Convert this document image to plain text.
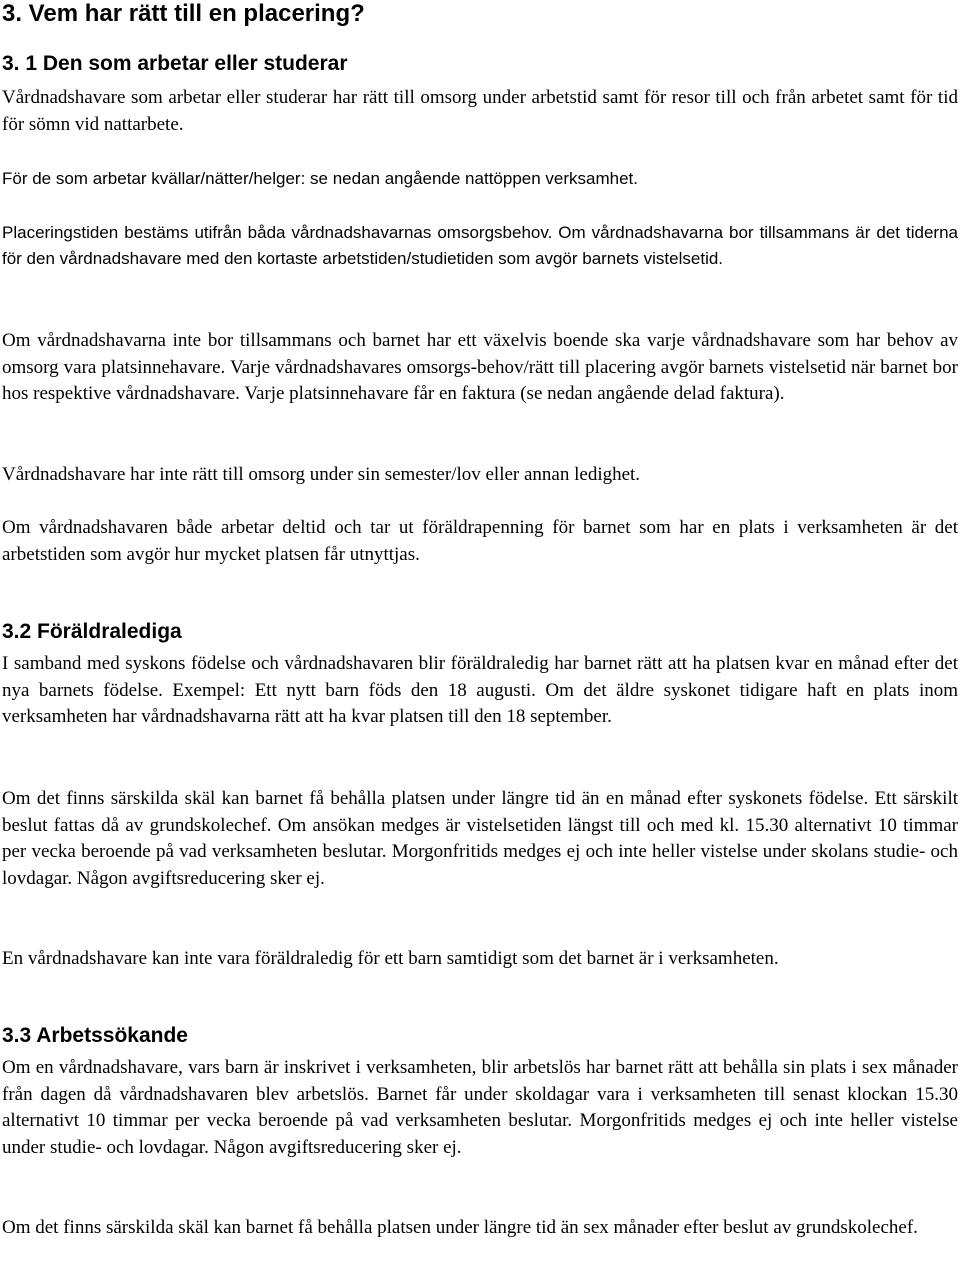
3. Vem har rätt till en placering?
3. 1 Den som arbetar eller studerar

Vårdnadshavare som arbetar eller studerar har rätt till omsorg under arbetstid samt för resor till och från arbetet samt för tid för sömn vid nattarbete.

För de som arbetar kvällar/nätter/helger: se nedan angående nattöppen verksamhet.

Placeringstiden bestäms utifrån båda vårdnadshavarnas omsorgsbehov. Om vårdnadshavarna bor tillsammans är det tiderna för den vårdnadshavare med den kortaste arbetstiden/studietiden som avgör barnets vistelsetid.

Om vårdnadshavarna inte bor tillsammans och barnet har ett växelvis boende ska varje vårdnadshavare som har behov av omsorg vara platsinnehavare. Varje vårdnadshavares omsorgs-behov/rätt till placering avgör barnets vistelsetid när barnet bor hos respektive vårdnadshavare. Varje platsinnehavare får en faktura (se nedan angående delad faktura).

Vårdnadshavare har inte rätt till omsorg under sin semester/lov eller annan ledighet.

Om vårdnadshavaren både arbetar deltid och tar ut föräldrapenning för barnet som har en plats i verksamheten är det arbetstiden som avgör hur mycket platsen får utnyttjas.

3.2 Föräldralediga

I samband med syskons födelse och vårdnadshavaren blir föräldraledig har barnet rätt att ha platsen kvar en månad efter det nya barnets födelse. Exempel: Ett nytt barn föds den 18 augusti. Om det äldre syskonet tidigare haft en plats inom verksamheten har vårdnadshavarna rätt att ha kvar platsen till den 18 september.

Om det finns särskilda skäl kan barnet få behålla platsen under längre tid än en månad efter syskonets födelse. Ett särskilt beslut fattas då av grundskolechef. Om ansökan medges är vistelsetiden längst till och med kl. 15.30 alternativt 10 timmar per vecka beroende på vad verksamheten beslutar. Morgonfritids medges ej och inte heller vistelse under skolans studie- och lovdagar. Någon avgiftsreducering sker ej.

En vårdnadshavare kan inte vara föräldraledig för ett barn samtidigt som det barnet är i verksamheten.

3.3 Arbetssökande

Om en vårdnadshavare, vars barn är inskrivet i verksamheten, blir arbetslös har barnet rätt att behålla sin plats i sex månader från dagen då vårdnadshavaren blev arbetslös. Barnet får under skoldagar vara i verksamheten till senast klockan 15.30 alternativt 10 timmar per vecka beroende på vad verksamheten beslutar. Morgonfritids medges ej och inte heller vistelse under studie- och lovdagar. Någon avgiftsreducering sker ej.

Om det finns särskilda skäl kan barnet få behålla platsen under längre tid än sex månader efter beslut av grundskolechef.
